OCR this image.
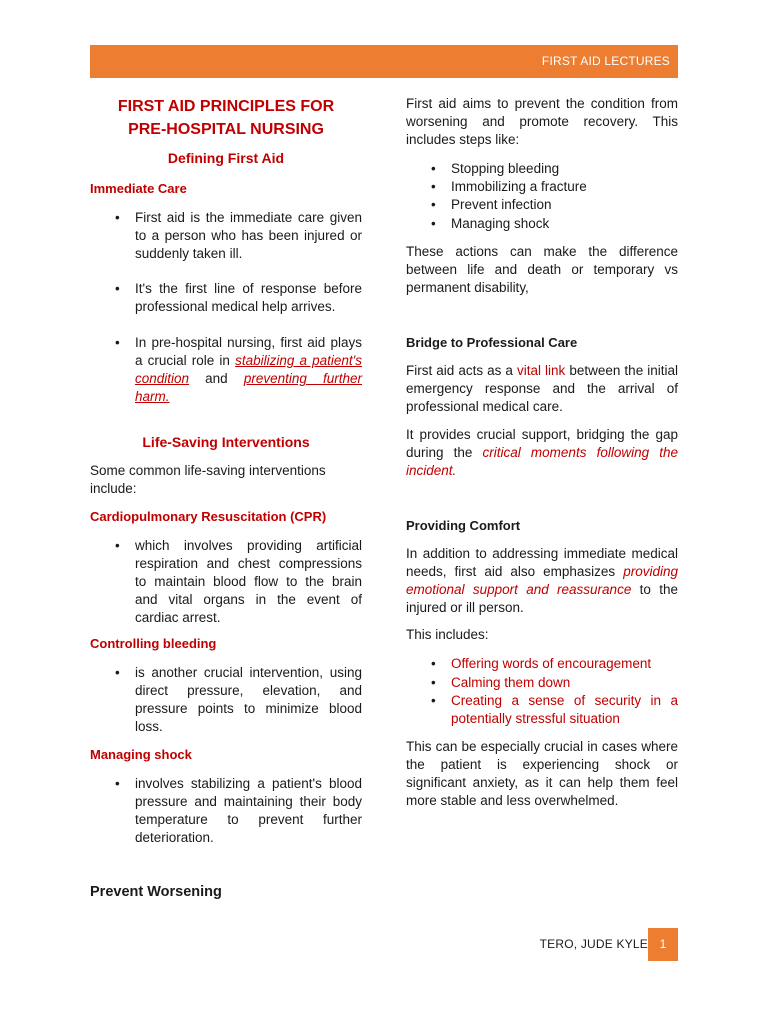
FIRST AID LECTURES
FIRST AID PRINCIPLES FOR
PRE-HOSPITAL NURSING
Defining First Aid
Immediate Care
• First aid is the immediate care given to a person who has been injured or suddenly taken ill.
• It's the first line of response before professional medical help arrives.
• In pre-hospital nursing, first aid plays a crucial role in stabilizing a patient's condition and preventing further harm.
Life-Saving Interventions
Some common life-saving interventions include:
Cardiopulmonary Resuscitation (CPR)
• which involves providing artificial respiration and chest compressions to maintain blood flow to the brain and vital organs in the event of cardiac arrest.
Controlling bleeding
• is another crucial intervention, using direct pressure, elevation, and pressure points to minimize blood loss.
Managing shock
• involves stabilizing a patient's blood pressure and maintaining their body temperature to prevent further deterioration.
Prevent Worsening
First aid aims to prevent the condition from worsening and promote recovery. This includes steps like:
• Stopping bleeding
• Immobilizing a fracture
• Prevent infection
• Managing shock
These actions can make the difference between life and death or temporary vs permanent disability,
Bridge to Professional Care
First aid acts as a vital link between the initial emergency response and the arrival of professional medical care.
It provides crucial support, bridging the gap during the critical moments following the incident.
Providing Comfort
In addition to addressing immediate medical needs, first aid also emphasizes providing emotional support and reassurance to the injured or ill person.
This includes:
• Offering words of encouragement
• Calming them down
• Creating a sense of security in a potentially stressful situation
This can be especially crucial in cases where the patient is experiencing shock or significant anxiety, as it can help them feel more stable and less overwhelmed.
TERO, JUDE KYLE 1
